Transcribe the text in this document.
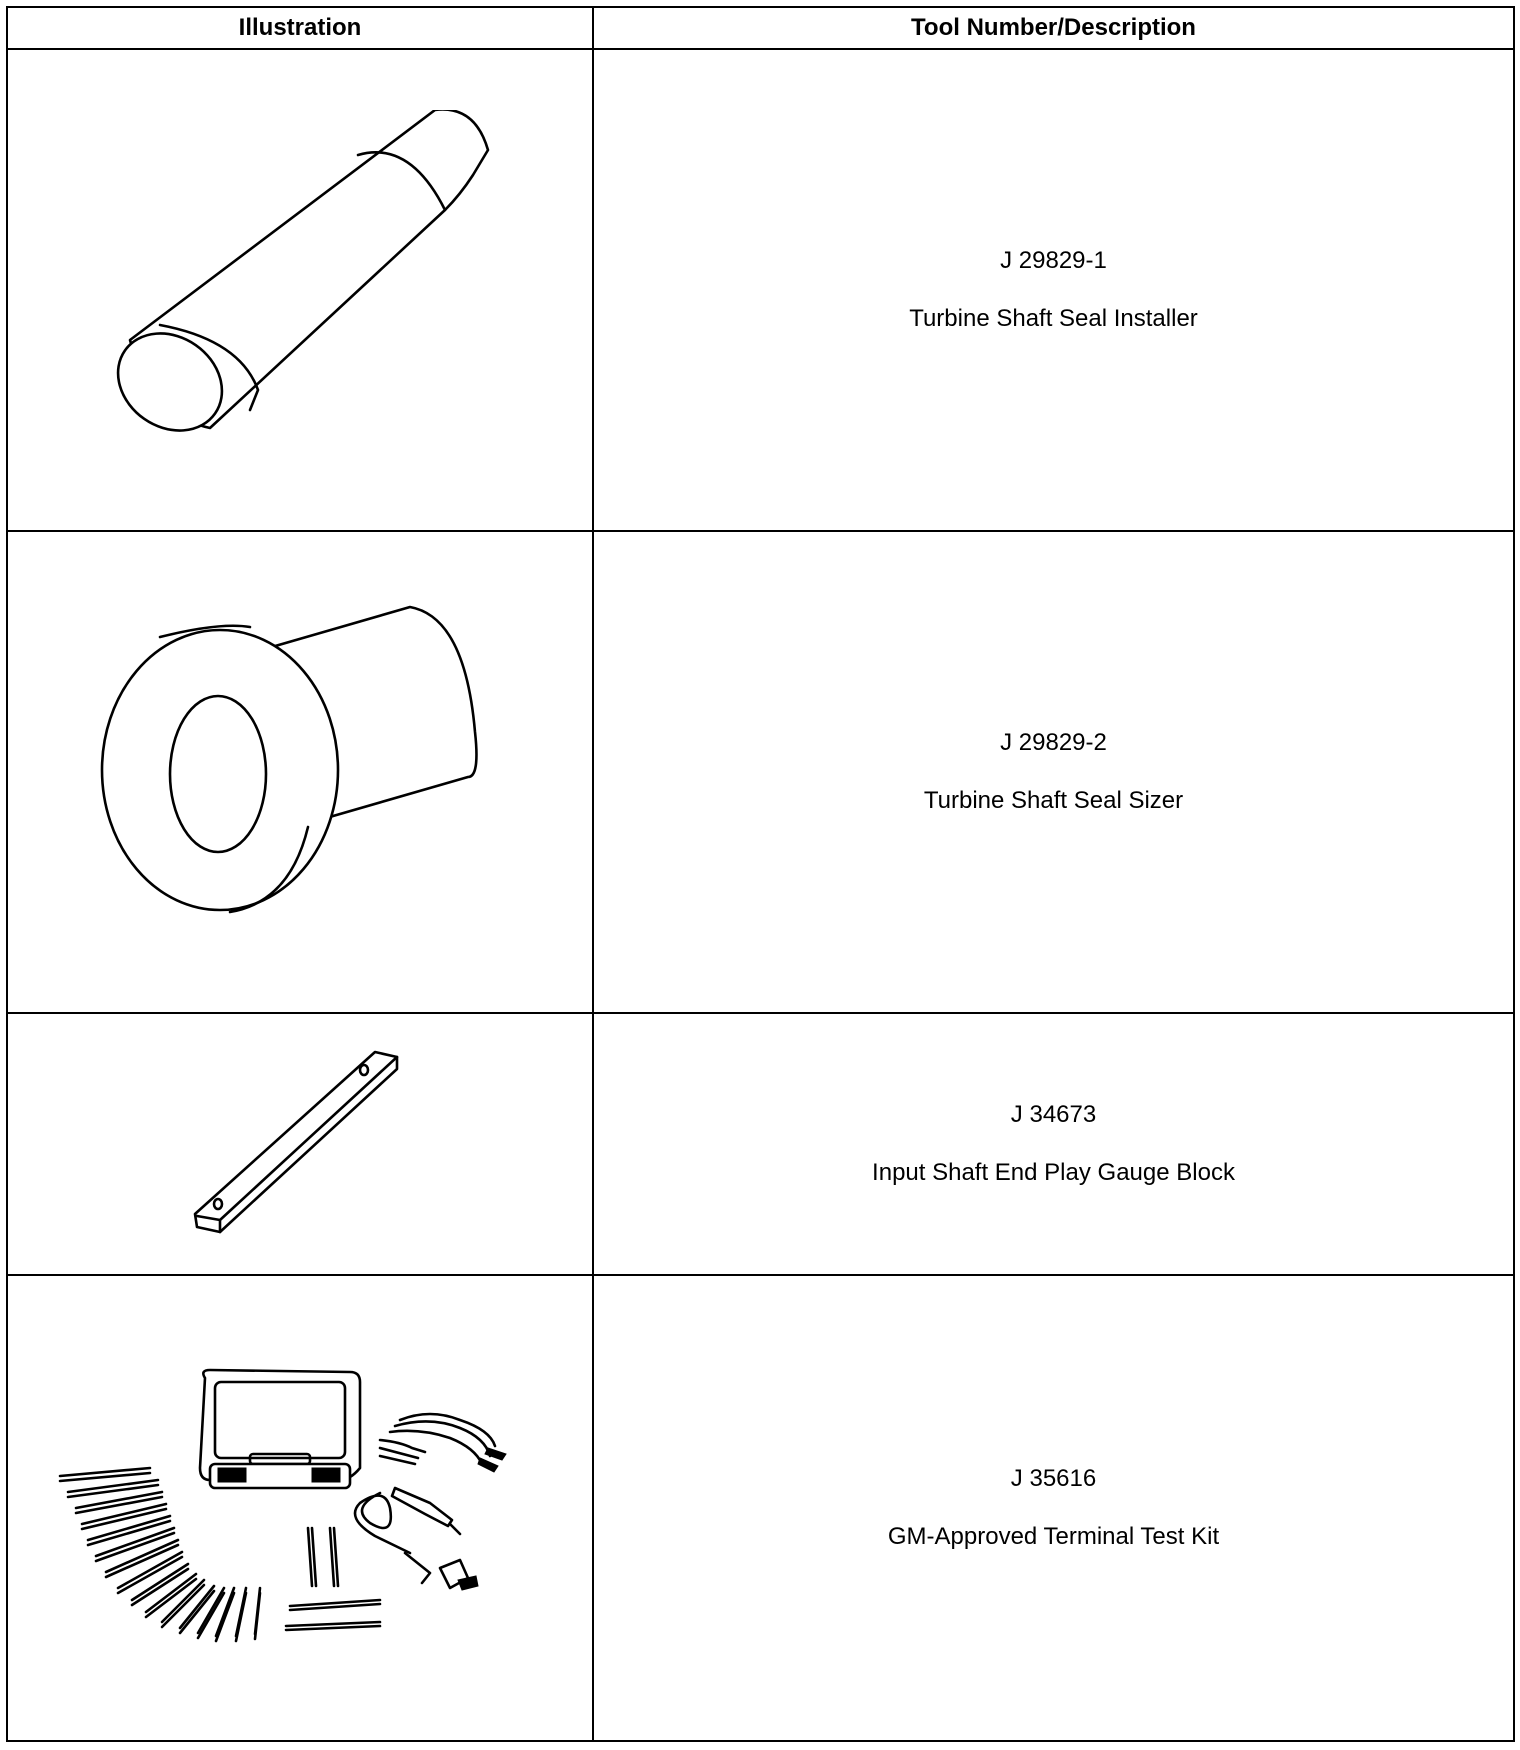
Illustration	Tool Number/Description

J 29829-1
Turbine Shaft Seal Installer

J 29829-2
Turbine Shaft Seal Sizer

J 34673
Input Shaft End Play Gauge Block

J 35616
GM-Approved Terminal Test Kit
